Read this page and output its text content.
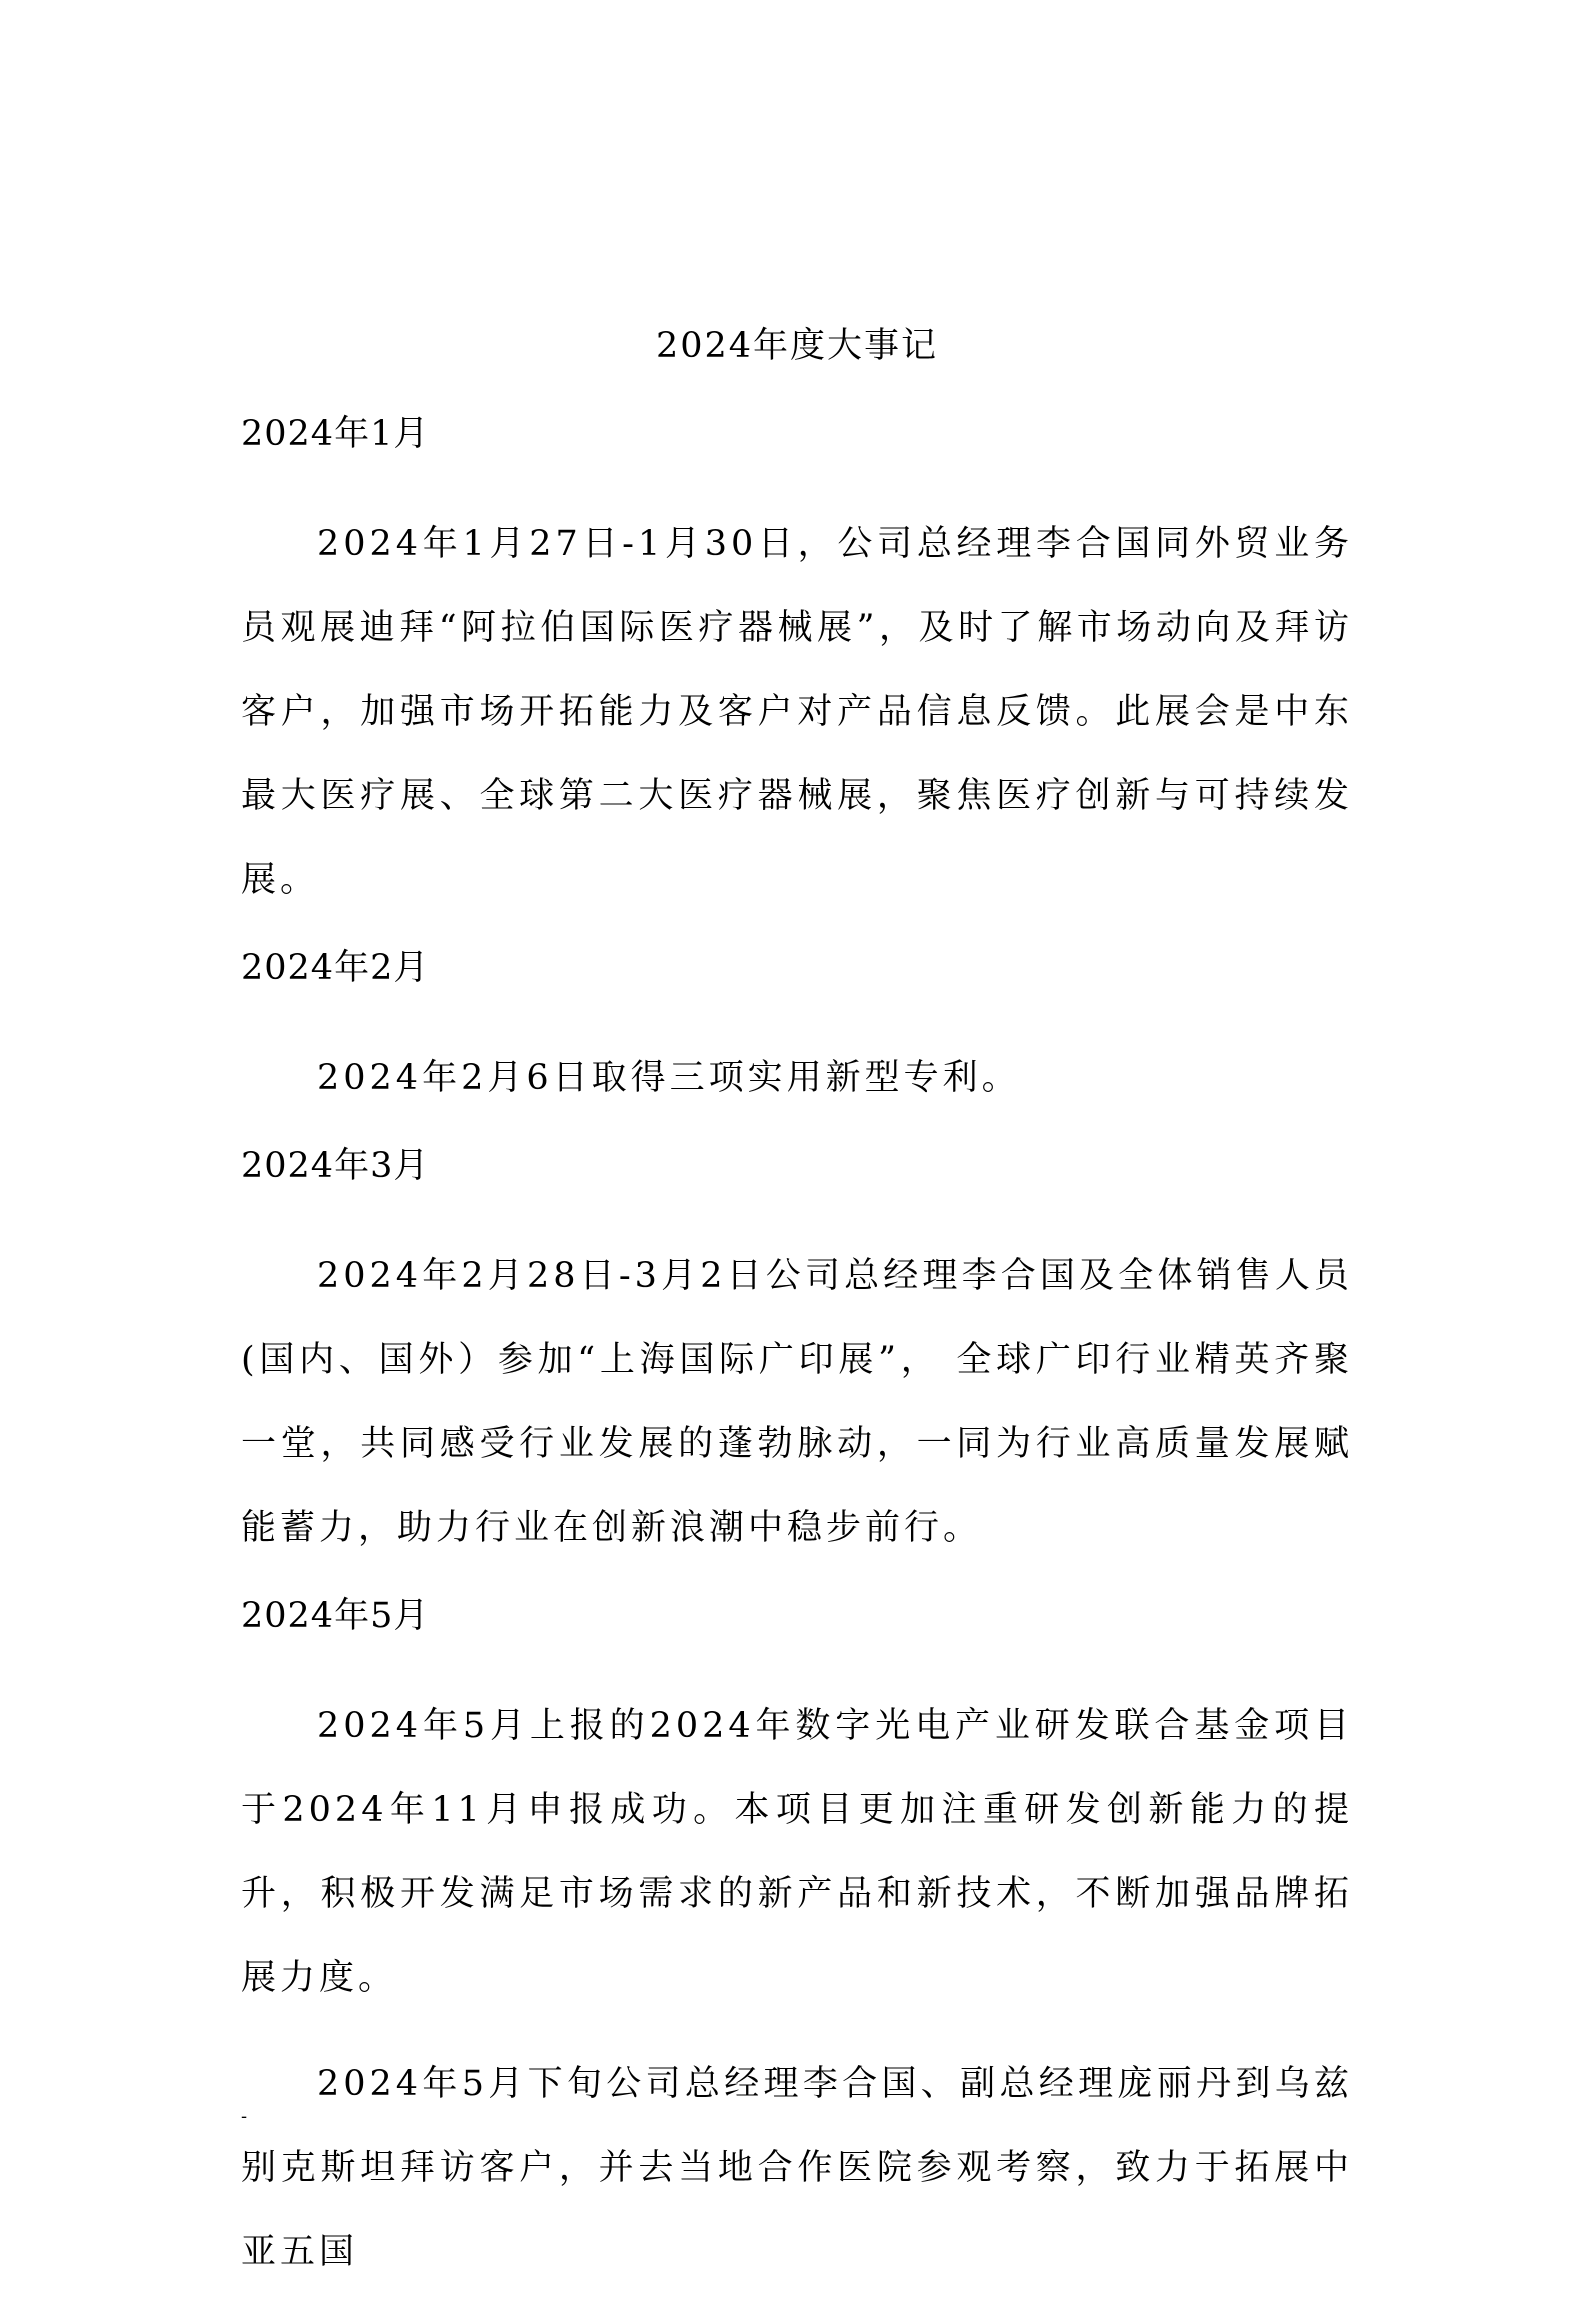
2024年度大事记
2024年1月

2024年1月27日-1月30日，公司总经理李合国同外贸业务员观展迪拜“阿拉伯国际医疗器械展”，及时了解市场动向及拜访客户，加强市场开拓能力及客户对产品信息反馈。此展会是中东最大医疗展、全球第二大医疗器械展，聚焦医疗创新与可持续发展。

2024年2月

2024年2月6日取得三项实用新型专利。

2024年3月

2024年2月28日-3月2日公司总经理李合国及全体销售人员(国内、国外）参加“上海国际广印展”， 全球广印行业精英齐聚一堂，共同感受行业发展的蓬勃脉动，一同为行业高质量发展赋能蓄力，助力行业在创新浪潮中稳步前行。

2024年5月

2024年5月上报的2024年数字光电产业研发联合基金项目于2024年11月申报成功。本项目更加注重研发创新能力的提升，积极开发满足市场需求的新产品和新技术，不断加强品牌拓展力度。

2024年5月下旬公司总经理李合国、副总经理庞丽丹到乌兹别克斯坦拜访客户，并去当地合作医院参观考察，致力于拓展中亚五国

-
